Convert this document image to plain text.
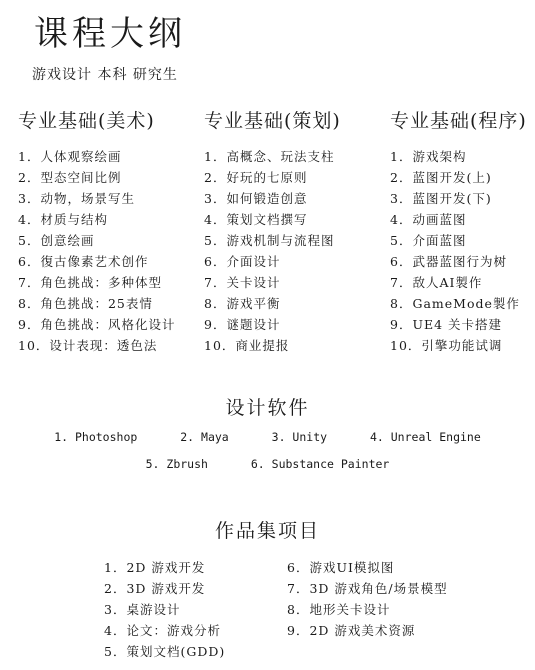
课程大纲
游戏设计 本科 研究生
专业基础(美术)
1．人体观察绘画
2．型态空间比例
3．动物，场景写生
4．材质与结构
5．创意绘画
6．復古像素艺术创作
7．角色挑战：多种体型
8．角色挑战：25表情
9．角色挑战：风格化设计
10．设计表现：透色法
专业基础(策划)
1．高概念、玩法支柱
2．好玩的七原则
3．如何锻造创意
4．策划文档撰写
5．游戏机制与流程图
6．介面设计
7．关卡设计
8．游戏平衡
9．谜题设计
10．商业提报
专业基础(程序)
1．游戏架构
2．蓝图开发(上)
3．蓝图开发(下)
4．动画蓝图
5．介面蓝图
6．武器蓝图行为树
7．敌人AI製作
8．GameMode製作
9．UE4 关卡搭建
10．引擎功能试调
设计软件
1. Photoshop	2. Maya	3. Unity	4. Unreal Engine
5. Zbrush	6. Substance Painter
作品集项目
1．2D 游戏开发
2．3D 游戏开发
3．桌游设计
4．论文：游戏分析
5．策划文档(GDD)
6．游戏UI模拟图
7．3D 游戏角色/场景模型
8．地形关卡设计
9．2D 游戏美术资源
